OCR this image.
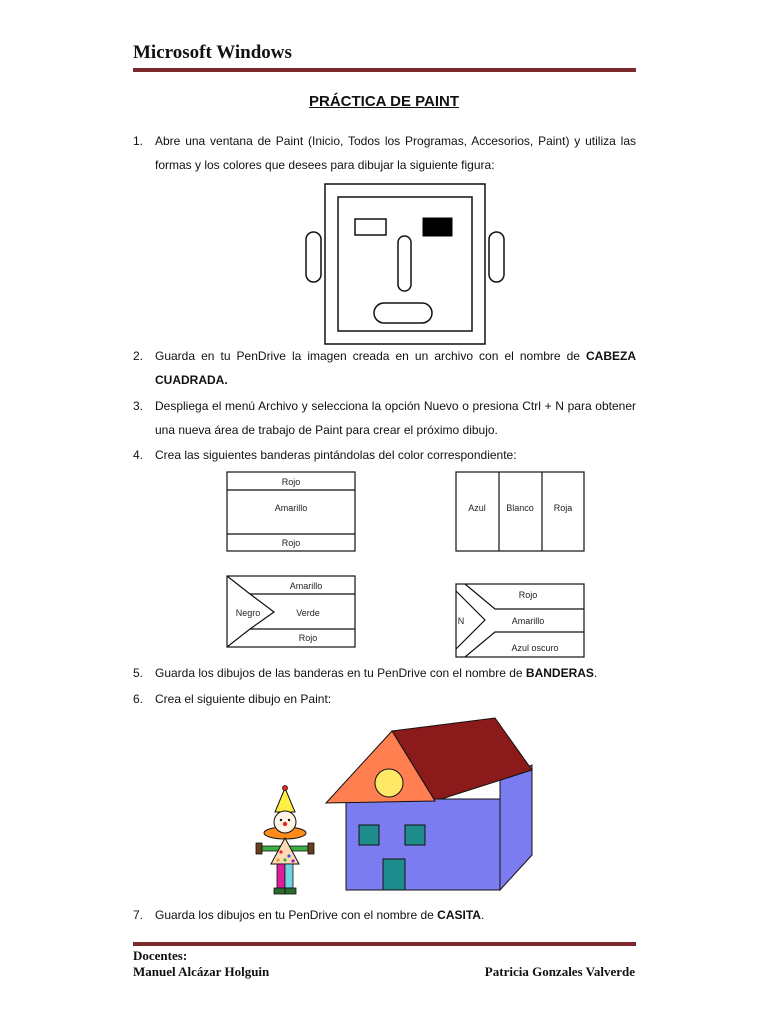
Microsoft Windows
PRÁCTICA DE PAINT
1. Abre una ventana de Paint (Inicio, Todos los Programas, Accesorios, Paint) y utiliza las formas y los colores que desees para dibujar la siguiente figura:
2. Guarda en tu PenDrive la imagen creada en un archivo con el nombre de CABEZA CUADRADA.
3. Despliega el menú Archivo y selecciona la opción Nuevo o presiona Ctrl + N para obtener una nueva área de trabajo de Paint para crear el próximo dibujo.
4. Crea las siguientes banderas pintándolas del color correspondiente:
Rojo
Amarillo
Rojo
Azul Blanco Roja
Amarillo
Negro	Verde
Rojo
Rojo
N	Amarillo
Azul oscuro
5. Guarda los dibujos de las banderas en tu PenDrive con el nombre de BANDERAS.
6. Crea el siguiente dibujo en Paint:
7. Guarda los dibujos en tu PenDrive con el nombre de CASITA.
Docentes:
Manuel Alcázar Holguin	Patricia Gonzales Valverde
